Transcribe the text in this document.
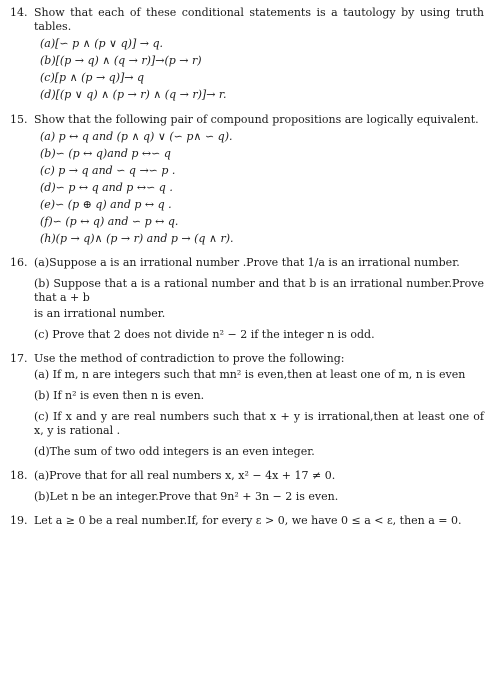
14. Show that each of these conditional statements is a tautology by using truth tables.
(a)[∽ p ∧ (p ∨ q)] → q.
(b)[(p → q) ∧ (q → r)]→(p → r)
(c)[p ∧ (p → q)]→ q
(d)[(p ∨ q) ∧ (p → r) ∧ (q → r)]→ r.
15. Show that the following pair of compound propositions are logically equivalent.
(a) p ↔ q and (p ∧ q) ∨ (∽ p∧ ∽ q).
(b)∽ (p ↔ q)and p ↔∽ q
(c) p → q and ∽ q →∽ p .
(d)∽ p ↔ q and p ↔∽ q .
(e)∽ (p ⊕ q) and p ↔ q .
(f)∽ (p ↔ q) and ∽ p ↔ q.
(h)(p → q)∧ (p → r) and p → (q ∧ r).
16. (a)Suppose a is an irrational number .Prove that 1/a is an irrational number.
(b) Suppose that a is a rational number and that b is an irrational number.Prove that a + b
is an irrational number.
(c) Prove that 2 does not divide n² − 2 if the integer n is odd.
17. Use the method of contradiction to prove the following:
(a) If m, n are integers such that mn² is even,then at least one of m, n is even
(b) If n² is even then n is even.
(c) If x and y are real numbers such that x + y is irrational,then at least one of x, y is rational .
(d)The sum of two odd integers is an even integer.
18. (a)Prove that for all real numbers x, x² − 4x + 17 ≠ 0.
(b)Let n be an integer.Prove that 9n² + 3n − 2 is even.
19. Let a ≥ 0 be a real number.If, for every ε > 0, we have 0 ≤ a < ε, then a = 0.
